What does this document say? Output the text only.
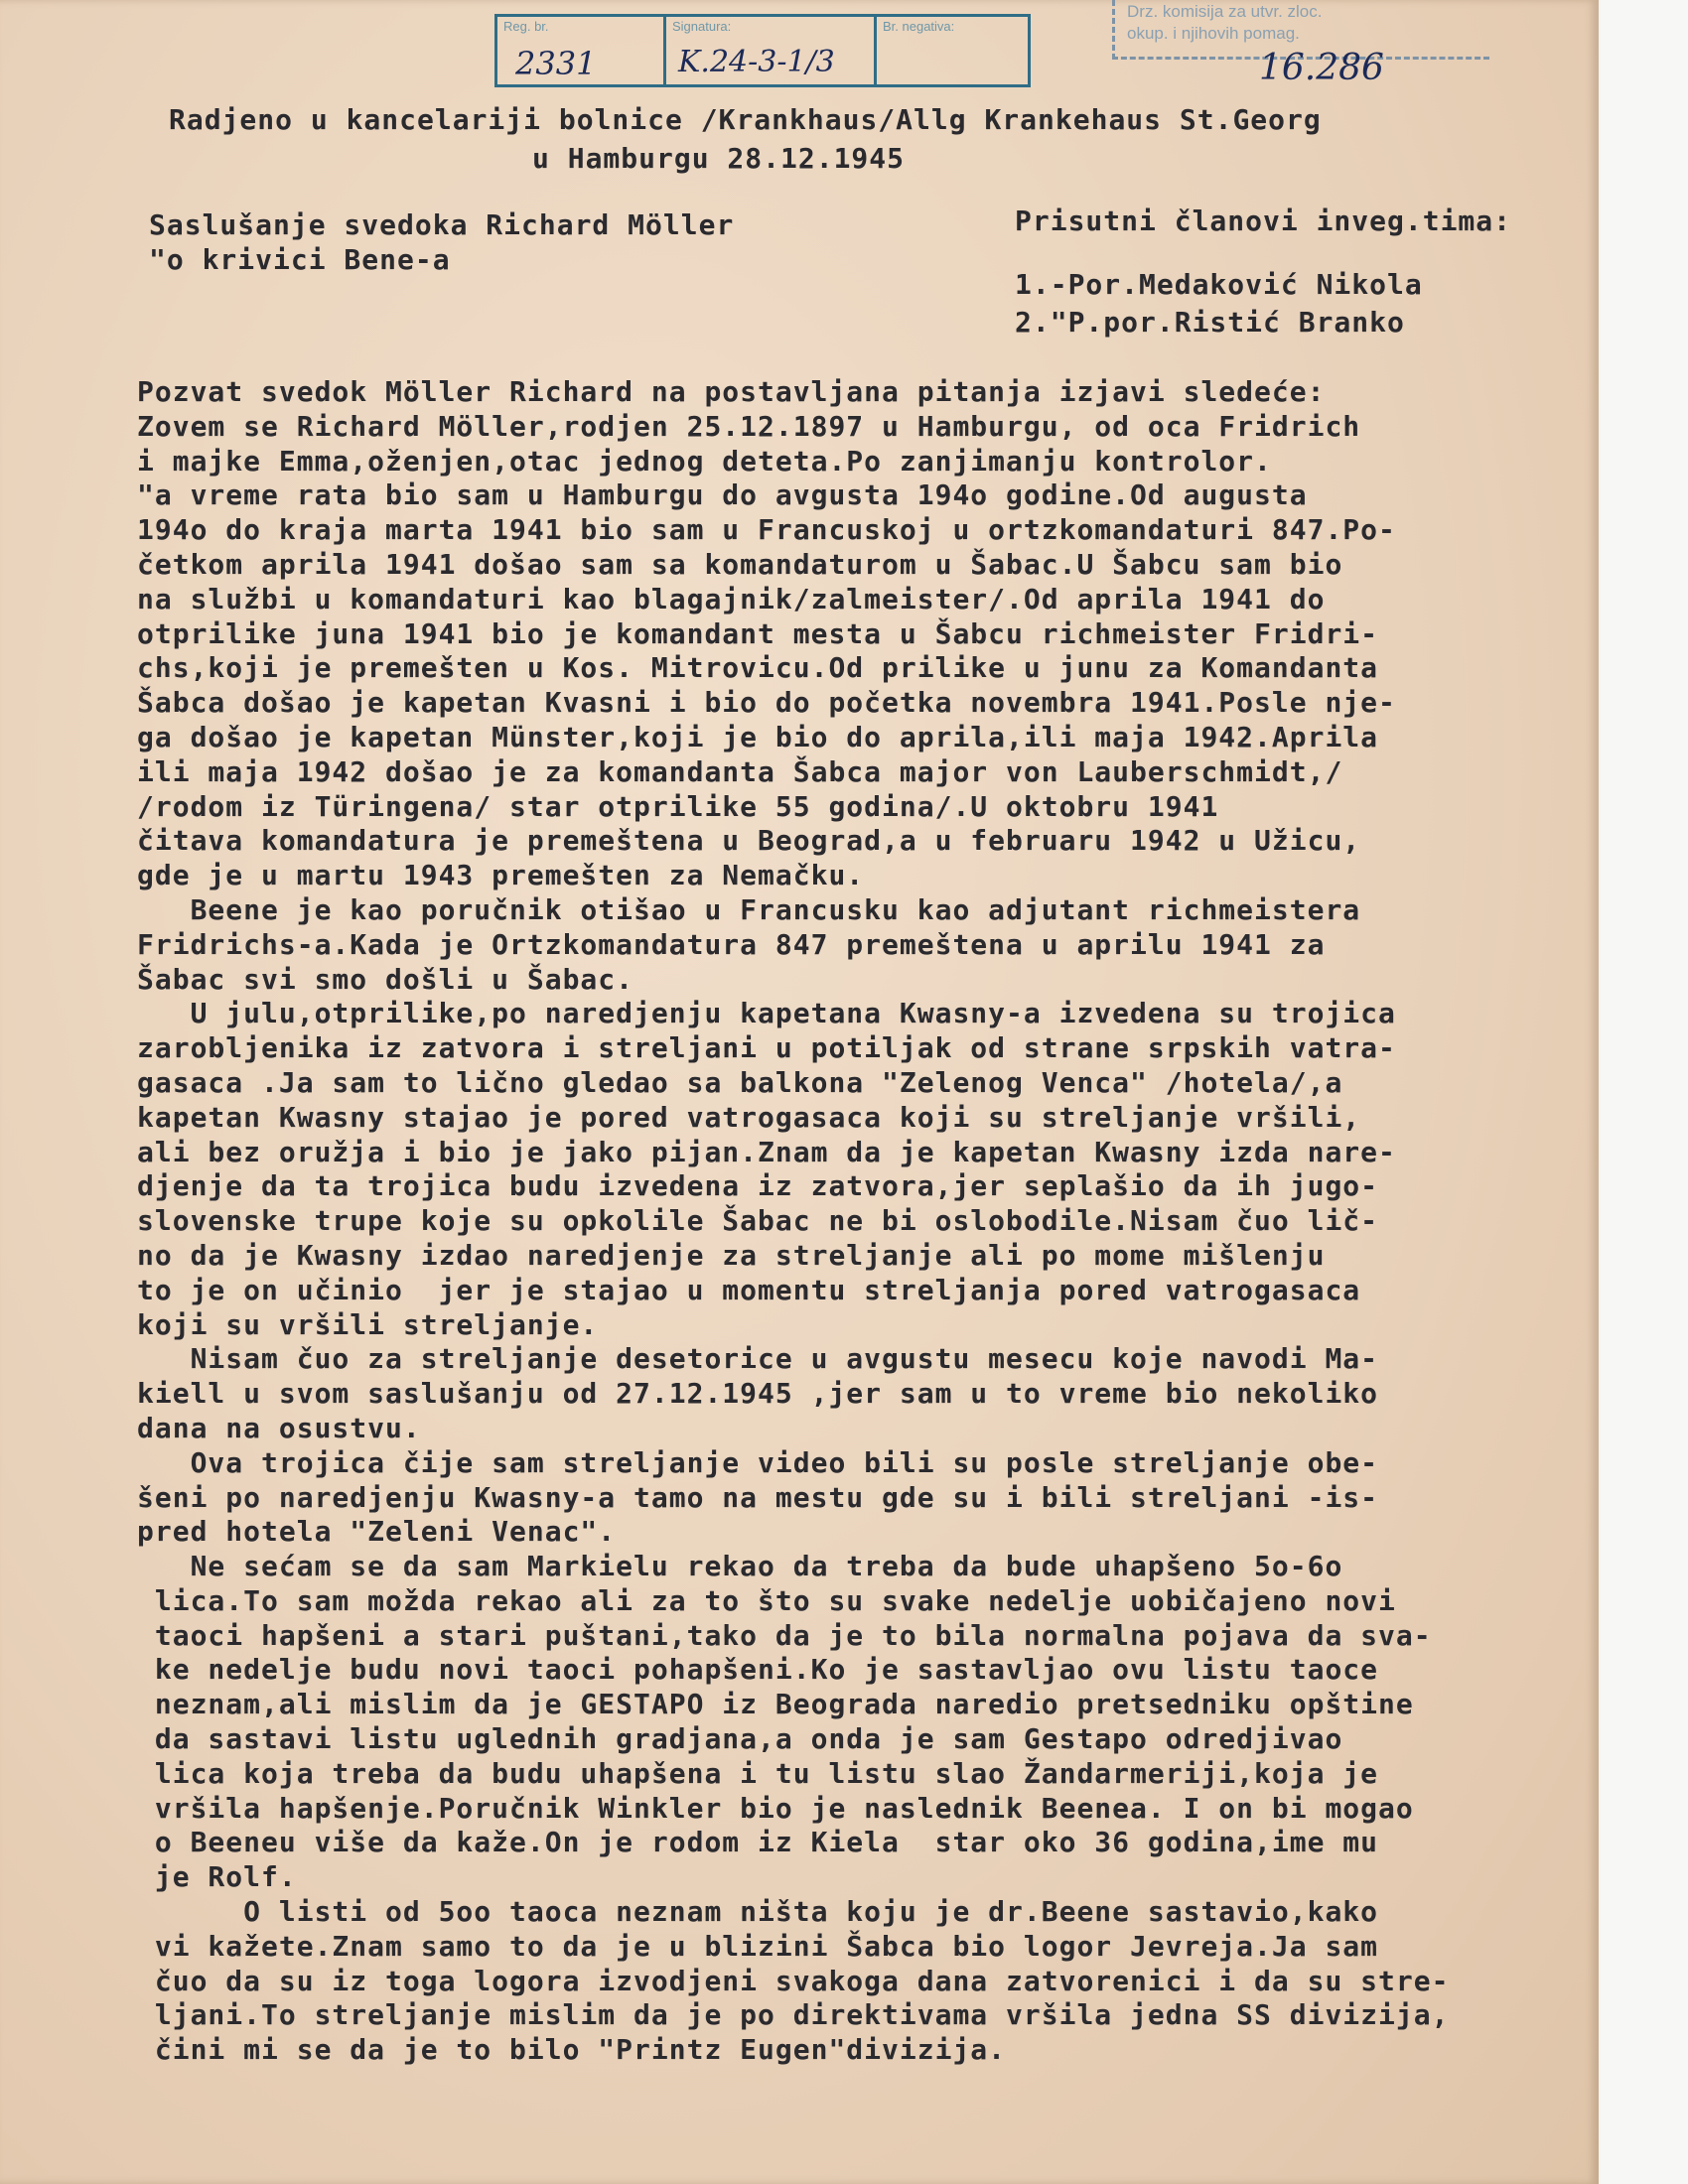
Reg. br.
2331
Signatura:
K.24-3-1/3
Br. negativa:
Drz. komisija za utvr. zloc.
okup. i njihovih pomag.
16.286
Radjeno u kancelariji bolnice /Krankhaus/Allg Krankehaus St.Georg
u Hamburgu 28.12.1945
Saslušanje svedoka Richard Möller
"o krivici Bene-a
Prisutni članovi inveg.tima:
1.-Por.Medaković Nikola
2."P.por.Ristić Branko
Pozvat svedok Möller Richard na postavljana pitanja izjavi sledeće:
Zovem se Richard Möller,rodjen 25.12.1897 u Hamburgu, od oca Fridrich
i majke Emma,oženjen,otac jednog deteta.Po zanjimanju kontrolor.
"a vreme rata bio sam u Hamburgu do avgusta 194o godine.Od augusta
194o do kraja marta 1941 bio sam u Francuskoj u ortzkomandaturi 847.Po-
četkom aprila 1941 došao sam sa komandaturom u Šabac.U Šabcu sam bio
na službi u komandaturi kao blagajnik/zalmeister/.Od aprila 1941 do
otprilike juna 1941 bio je komandant mesta u Šabcu richmeister Fridri-
chs,koji je premešten u Kos. Mitrovicu.Od prilike u junu za Komandanta
Šabca došao je kapetan Kvasni i bio do početka novembra 1941.Posle nje-
ga došao je kapetan Münster,koji je bio do aprila,ili maja 1942.Aprila
ili maja 1942 došao je za komandanta Šabca major von Lauberschmidt,/
/rodom iz Türingena/ star otprilike 55 godina/.U oktobru 1941
čitava komandatura je premeštena u Beograd,a u februaru 1942 u Užicu,
gde je u martu 1943 premešten za Nemačku.
Beene je kao poručnik otišao u Francusku kao adjutant richmeistera
Fridrichs-a.Kada je Ortzkomandatura 847 premeštena u aprilu 1941 za
Šabac svi smo došli u Šabac.
U julu,otprilike,po naredjenju kapetana Kwasny-a izvedena su trojica
zarobljenika iz zatvora i streljani u potiljak od strane srpskih vatra-
gasaca .Ja sam to lično gledao sa balkona "Zelenog Venca" /hotela/,a
kapetan Kwasny stajao je pored vatrogasaca koji su streljanje vršili,
ali bez oružja i bio je jako pijan.Znam da je kapetan Kwasny izda nare-
djenje da ta trojica budu izvedena iz zatvora,jer seplašio da ih jugo-
slovenske trupe koje su opkolile Šabac ne bi oslobodile.Nisam čuo lič-
no da je Kwasny izdao naredjenje za streljanje ali po mome mišlenju
to je on učinio  jer je stajao u momentu streljanja pored vatrogasaca
koji su vršili streljanje.
Nisam čuo za streljanje desetorice u avgustu mesecu koje navodi Ma-
kiell u svom saslušanju od 27.12.1945 ,jer sam u to vreme bio nekoliko
dana na osustvu.
Ova trojica čije sam streljanje video bili su posle streljanje obe-
šeni po naredjenju Kwasny-a tamo na mestu gde su i bili streljani -is-
pred hotela "Zeleni Venac".
Ne sećam se da sam Markielu rekao da treba da bude uhapšeno 5o-6o
lica.To sam možda rekao ali za to što su svake nedelje uobičajeno novi
taoci hapšeni a stari puštani,tako da je to bila normalna pojava da sva-
ke nedelje budu novi taoci pohapšeni.Ko je sastavljao ovu listu taoce
neznam,ali mislim da je GESTAPO iz Beograda naredio pretsedniku opštine
da sastavi listu uglednih gradjana,a onda je sam Gestapo odredjivao
lica koja treba da budu uhapšena i tu listu slao Žandarmeriji,koja je
vršila hapšenje.Poručnik Winkler bio je naslednik Beenea. I on bi mogao
o Beeneu više da kaže.On je rodom iz Kiela  star oko 36 godina,ime mu
je Rolf.
O listi od 5oo taoca neznam ništa koju je dr.Beene sastavio,kako
vi kažete.Znam samo to da je u blizini Šabca bio logor Jevreja.Ja sam
čuo da su iz toga logora izvodjeni svakoga dana zatvorenici i da su stre-
ljani.To streljanje mislim da je po direktivama vršila jedna SS divizija,
čini mi se da je to bilo "Printz Eugen"divizija.
